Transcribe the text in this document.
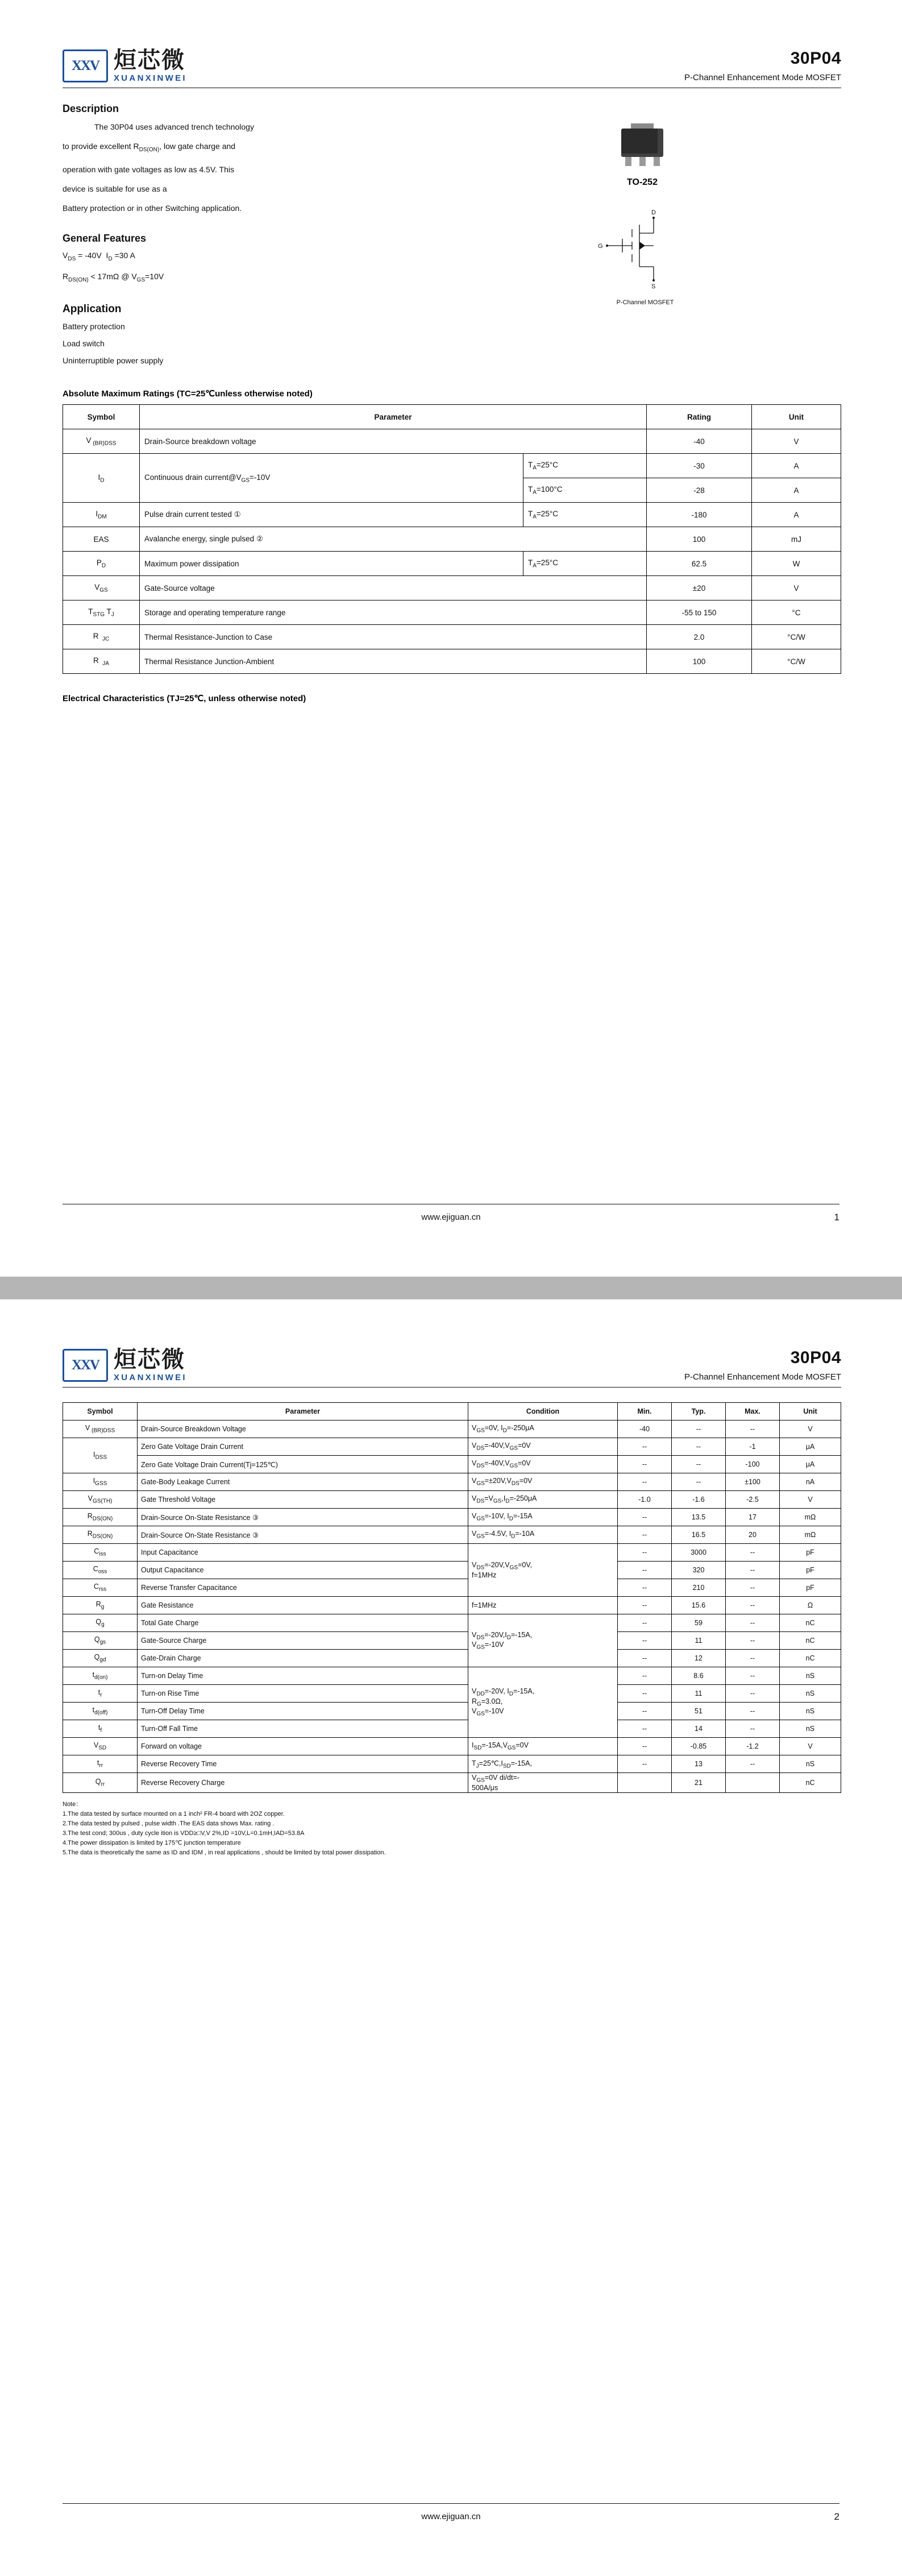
XXV 烜芯微
XUANXINWEI
30P04
P-Channel Enhancement Mode MOSFET
Description

The 30P04 uses advanced trench technology

to provide excellent $R_{DS(ON)}$, low gate charge and

operation with gate voltages as low as 4.5V. This

device is suitable for use as a

Battery protection or in other Switching application.

General Features

$V_{DS} = -40V$  $I_D =30$ A

$R_{DS(ON)} < 17m\Omega$ @ $V_{GS}=10V$

Application

Battery protection

Load switch

Uninterruptible power supply

TO-252
D
G
S
P-Channel MOSFET
Absolute Maximum Ratings (TC=25℃unless otherwise noted)
Symbol	Parameter		Rating	Unit
V $_{(BR)DSS}$	Drain-Source breakdown voltage		-40	V
$I_D$	Continuous drain $current@V_{GS}=-10V$	$T_A=25^\circ C$	-30	A
		$T_A=100^\circ C$	-28	A
$I_{DM}$	Pulse drain current tested ①	$T_A=25^\circ C$	-180	A
EAS	Avalanche energy, single pulsed ②		100	mJ
$P_D$	Maximum power dissipation	$T_A=25^\circ C$	62.5	W
$V_{GS}$	Gate-Source voltage		±20	V
$T_{STG}$ $T_J$	Storage and operating temperature range		-55 to 150	°C
R  $_{JC}$	Thermal Resistance-Junction to Case		2.0	°C/W
R  $_{JA}$	Thermal Resistance Junction-Ambient		100	°C/W
Electrical Characteristics (TJ=25℃, unless otherwise noted)
www.ejiguan.cn	1
XXV 烜芯微
XUANXINWEI
30P04
P-Channel Enhancement Mode MOSFET
Symbol	Parameter	Condition	Min.	Typ.	Max.	Unit
V $_{(BR)DSS}$	Drain-Source Breakdown Voltage	$V_{GS}=0V$, $I_D=-250\mu A$	-40	--	--	V
$I_{DSS}$	Zero Gate Voltage Drain Current	$V_{DS}=-40V,V_{GS}=0V$	--	--	-1	μA
	Zero Gate Voltage Drain Current(Tj=125℃)	$V_{DS}=-40V,V_{GS}=0V$	--	--	-100	μA
$I_{GSS}$	Gate-Body Leakage Current	$V_{GS}=\pm 20V,V_{DS}=0V$	--	--	±100	nA
$V_{GS(TH)}$	Gate Threshold Voltage	$V_{DS}=V_{GS},I_D=-250\mu A$	-1.0	-1.6	-2.5	V
$R_{DS(ON)}$	Drain-Source On-State Resistance ③	$V_{GS}=-10V$, $I_D=-15A$	--	13.5	17	mΩ
$R_{DS(ON)}$	Drain-Source On-State Resistance ③	$V_{GS}=-4.5V$, $I_D=-10A$	--	16.5	20	mΩ
$C_{iss}$	Input Capacitance	$V_{DS}=-20V,V_{GS}=0V$,
f=1MHz	--	3000	--	pF
$C_{oss}$	Output Capacitance		--	320	--	pF
$C_{rss}$	Reverse Transfer Capacitance		--	210	--	pF
$R_g$	Gate Resistance	f=1MHz	--	15.6	--	Ω
$Q_g$	Total Gate Charge	$V_{DS}=-20V,I_D=-15A$,
$V_{GS}=-10V$	--	59	--	nC
$Q_{gs}$	Gate-Source Charge		--	11	--	nC
$Q_{gd}$	Gate-Drain Charge		--	12	--	nC
$t_{d(on)}$	Turn-on Delay Time	$V_{DD}=-20V$, $I_D=-15A$,
$R_G=3.0\Omega$,
$V_{GS}=-10V$	--	8.6	--	nS
$t_r$	Turn-on Rise Time		--	11	--	nS
$t_{d(off)}$	Turn-Off Delay Time		--	51	--	nS
$t_f$	Turn-Off Fall Time		--	14	--	nS
$V_{SD}$	Forward on voltage	$I_{SD}=-15A,V_{GS}=0V$	--	-0.85	-1.2	V
$t_{rr}$	Reverse Recovery Time	$T_J=25℃,I_{SD}=-15A$,	--	13	--	nS
$Q_{rr}$	Reverse Recovery Charge	$V_{GS}=0V$ di/dt=-
500A/μs		21		nC
Note：
1.The data tested by surface mounted on a 1 inch² FR-4 board with 2OZ copper.
2.The data tested by pulsed , pulse width .The EAS data shows Max. rating .
3.The test cond; 300us , duty cycle ition is VDD≥□V,V 2%,ID =10V,L=0.1mH,IAD=53.8A
4.The power dissipation is limited by 175℃ junction temperature
5.The data is theoretically the same as ID and IDM , in real applications , should be limited by total power dissipation.
www.ejiguan.cn	2
